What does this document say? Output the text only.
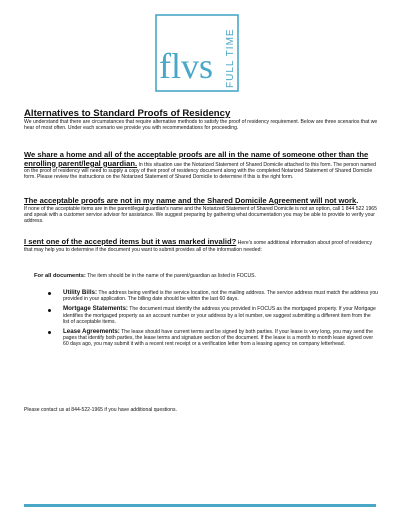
flvs FULL TIME
Alternatives to Standard Proofs of Residency
We understand that there are circumstances that require alternative methods to satisfy the proof of residency requirement. Below are three scenarios that we hear of most often. Under each scenario we provide you with recommendations for proceeding.
We share a home and all of the acceptable proofs are all in the name of someone other than the enrolling parent/legal guardian. In this situation use the Notarized Statement of Shared Domicile attached to this form. The person named on the proof of residency will need to supply a copy of their proof of residency document along with the completed Notarized Statement of Shared Domicile form. Please review the instructions on the Notarized Statement of Shared Domicile to determine if this is the right form.
The acceptable proofs are not in my name and the Shared Domicile Agreement will not work.
If none of the acceptable items are in the parent/legal guardian's name and the Notarized Statement of Shared Domicile is not an option, call 1 844 522 1965 and speak with a customer service advisor for assistance. We suggest preparing by gathering what documentation you may be able to provide to verify your address.
I sent one of the accepted items but it was marked invalid? Here's some additional information about proof of residency that may help you to determine if the document you want to submit provides all of the information needed:
For all documents: The item should be in the name of the parent/guardian as listed in FOCUS.
Utility Bills: The address being verified is the service location, not the mailing address. The service address must match the address you provided in your application. The billing date should be within the last 60 days.
Mortgage Statements: The document must identify the address you provided in FOCUS as the mortgaged property. If your Mortgage identifies the mortgaged property as an account number or your address by a lot number, we suggest submitting a different item from the list of acceptable items.
Lease Agreements: The lease should have current terms and be signed by both parties. If your lease is very long, you may send the pages that identify both parties, the lease terms and signature section of the document. If the lease is a month to month lease signed over 60 days ago, you may submit it with a recent rent receipt or a verification letter from a leasing agency on company letterhead.
Please contact us at 844-522-1965 if you have additional questions.
